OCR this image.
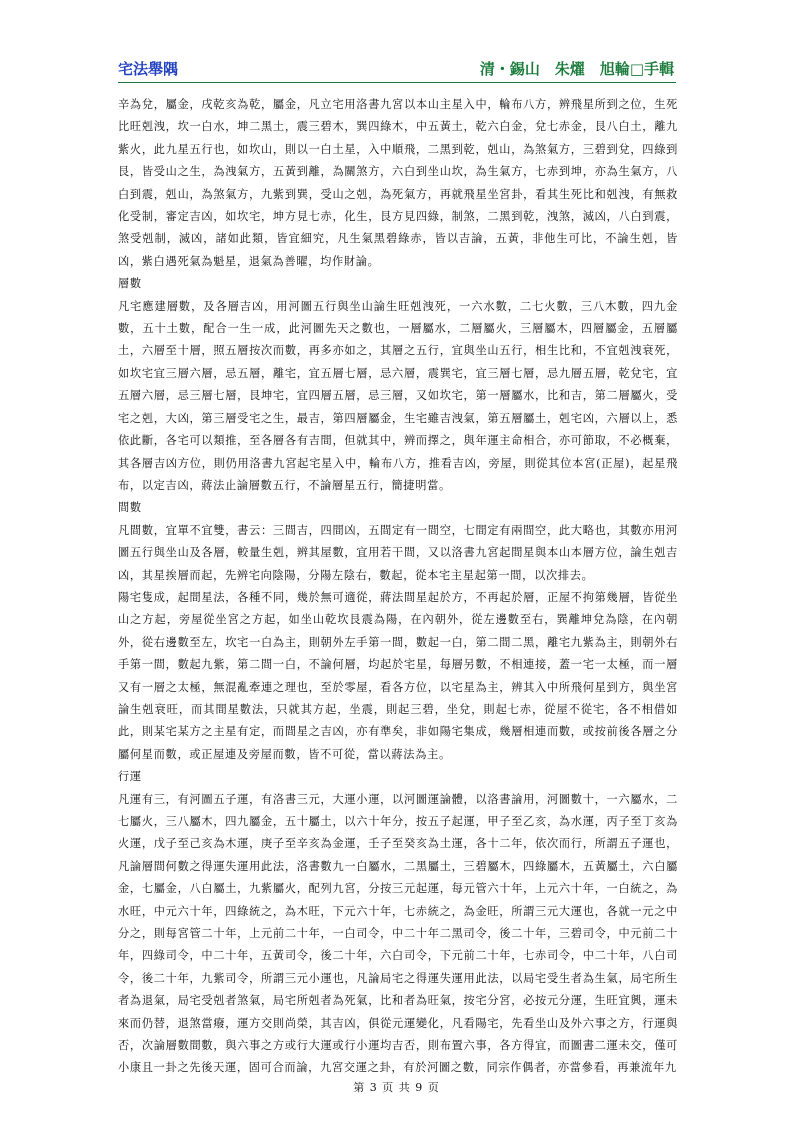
宅法舉隅	清・錫山　朱燿　旭輪□手輯

辛為兌，屬金，戌乾亥為乾，屬金，凡立宅用洛書九宮以本山主星入中，輪布八方，辨飛星所到之位，生死比旺剋洩，坎一白水，坤二黑土，震三碧木，巽四綠木，中五黃土，乾六白金，兌七赤金，艮八白土，離九紫火，此九星五行也，如坎山，則以一白土星，入中順飛，二黑到乾，剋山，為煞氣方，三碧到兌，四綠到艮，皆受山之生，為洩氣方，五黃到離，為關煞方，六白到坐山坎，為生氣方，七赤到坤，亦為生氣方，八白到震，剋山，為煞氣方，九紫到巽，受山之剋，為死氣方，再就飛星坐宮卦，看其生死比和剋洩，有無救化受制，審定吉凶，如坎宅，坤方見七赤，化生，艮方見四綠，制煞，二黑到乾，洩煞，滅凶，八白到震，煞受剋制，滅凶，諸如此類，皆宜細究，凡生氣黑碧綠赤，皆以吉論，五黃，非他生可比，不論生剋，皆凶，紫白遇死氣為魁星，退氣為善曜，均作財論。

層數

凡宅應建層數，及各層吉凶，用河圖五行與坐山論生旺剋洩死，一六水數，二七火數，三八木數，四九金數，五十土數，配合一生一成，此河圖先天之數也，一層屬水，二層屬火，三層屬木，四層屬金，五層屬土，六層至十層，照五層按次而數，再多亦如之，其層之五行，宜與坐山五行，相生比和，不宜剋洩衰死，如坎宅宜三層六層，忌五層，離宅，宜五層七層，忌六層，震巽宅，宜三層七層，忌九層五層，乾兌宅，宜五層六層，忌三層七層，艮坤宅，宜四層五層，忌三層，又如坎宅，第一層屬水，比和吉，第二層屬火，受宅之剋，大凶，第三層受宅之生，最吉，第四層屬金，生宅雖吉洩氣，第五層屬土，剋宅凶，六層以上，悉依此斷，各宅可以類推，至各層各有吉間，但就其中，辨而擇之，與年運主命相合，亦可節取，不必概棄，其各層吉凶方位，則仍用洛書九宮起宅星入中，輪布八方，推看吉凶，旁屋，則從其位本宮(正屋)，起星飛布，以定吉凶，蔣法止論層數五行，不論層星五行，簡捷明當。

間數

凡間數，宜單不宜雙，書云：三間吉，四間凶，五間定有一間空，七間定有兩間空，此大略也，其數亦用河圖五行與坐山及各層，較量生剋，辨其屋數，宜用若干間，又以洛書九宮起間星與本山本層方位，論生剋吉凶，其星挨層而起，先辨宅向陰陽，分陽左陰右，數起，從本宅主星起第一間，以次排去。

陽宅隻成，起間星法，各種不同，幾於無可適從，蔣法間星起於方，不再起於層，正屋不拘第幾層，皆從坐山之方起，旁屋從坐宮之方起，如坐山乾坎艮震為陽，在內朝外，從左邊數至右，巽離坤兌為陰，在內朝外，從右邊數至左，坎宅一白為主，則朝外左手第一間，數起一白，第二間二黑，離宅九紫為主，則朝外右手第一間，數起九紫，第二間一白，不論何層，均起於宅星，每層另數，不相連接，蓋一宅一太極，而一層又有一層之太極，無混亂牽連之理也，至於零屋，看各方位，以宅星為主，辨其入中所飛何星到方，與坐宮論生剋衰旺，而其間星數法，只就其方起，坐震，則起三碧，坐兌，則起七赤，從屋不從宅，各不相借如此，則某宅某方之主星有定，而間星之吉凶，亦有準矣，非如陽宅集成，幾層相連而數，或按前後各層之分屬何星而數，或正屋連及旁屋而數，皆不可從，當以蔣法為主。

行運

凡運有三，有河圖五子運，有洛書三元，大運小運，以河圖運論體，以洛書論用，河圖數十，一六屬水，二七屬火，三八屬木，四九屬金，五十屬土，以六十年分，按五子起運，甲子至乙亥，為水運，丙子至丁亥為火運，戊子至己亥為木運，庚子至辛亥為金運，壬子至癸亥為土運，各十二年，依次而行，所謂五子運也，凡論層間何數之得運失運用此法，洛書數九一白屬水，二黑屬土，三碧屬木，四綠屬木，五黃屬土，六白屬金，七屬金，八白屬土，九紫屬火，配列九宮，分按三元起運，每元管六十年，上元六十年，一白統之，為水旺，中元六十年，四綠統之，為木旺，下元六十年，七赤統之，為金旺，所謂三元大運也，各就一元之中分之，則每宮管二十年，上元前二十年，一白司令，中二十年二黑司令，後二十年，三碧司令，中元前二十年，四綠司令，中二十年，五黃司令，後二十年，六白司令，下元前二十年，七赤司令，中二十年，八白司令，後二十年，九紫司令，所謂三元小運也，凡論局宅之得運失運用此法，以局宅受生者為生氣，局宅所生者為退氣，局宅受剋者煞氣，局宅所剋者為死氣，比和者為旺氣，按宅分宮，必按元分運，生旺宜興，運未來而仍替，退煞當癈，運方交則尚榮，其吉凶，俱從元運變化，凡看陽宅，先看坐山及外六事之方，行運與否，次論層數間數，與六事之方或行大運或行小運均吉否，則布置六事，各方得宜，而圖書二運未交，僅可小康且一卦之先後天運，固可合而論，九宮交運之卦，有於河圖之數，同宗作偶者，亦當參看，再兼流年九

第 3 页 共 9 页
